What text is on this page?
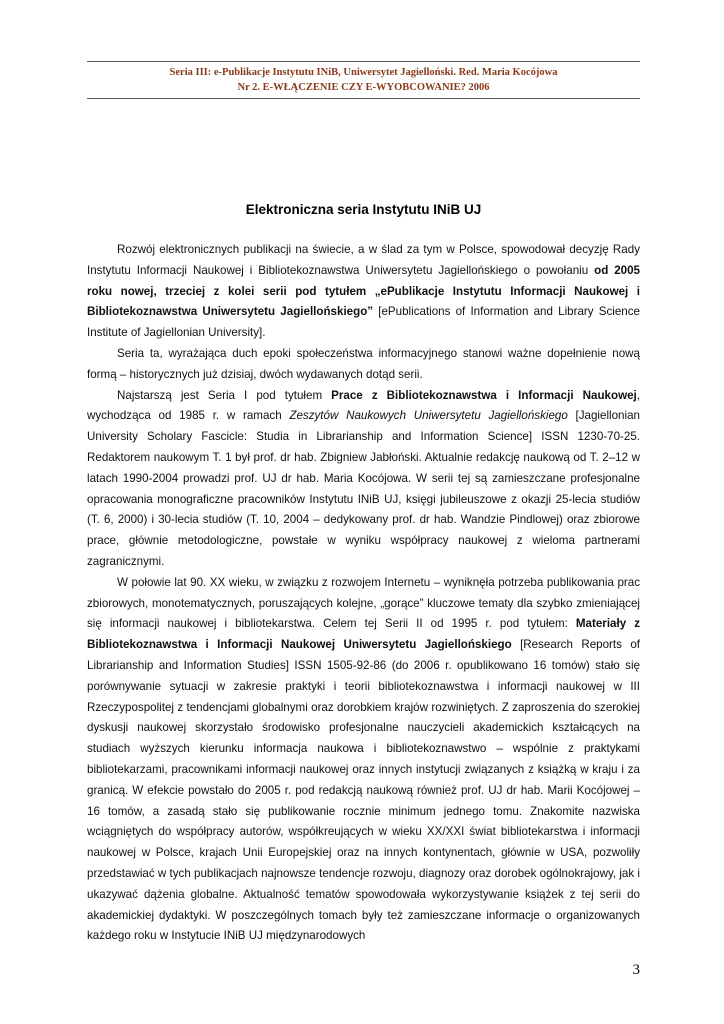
Seria III: e-Publikacje Instytutu INiB, Uniwersytet Jagielloński. Red. Maria Kocójowa
Nr 2. E-WŁĄCZENIE CZY E-WYOBCOWANIE? 2006
Elektroniczna seria Instytutu INiB UJ

Rozwój elektronicznych publikacji na świecie, a w ślad za tym w Polsce, spowodował decyzję Rady Instytutu Informacji Naukowej i Bibliotekoznawstwa Uniwersytetu Jagiellońskiego o powołaniu od 2005 roku nowej, trzeciej z kolei serii pod tytułem „ePublikacje Instytutu Informacji Naukowej i Bibliotekoznawstwa Uniwersytetu Jagiellońskiego” [ePublications of Information and Library Science Institute of Jagiellonian University].

Seria ta, wyrażająca duch epoki społeczeństwa informacyjnego stanowi ważne dopełnienie nową formą – historycznych już dzisiaj, dwóch wydawanych dotąd serii.

Najstarszą jest Seria I pod tytułem Prace z Bibliotekoznawstwa i Informacji Naukowej, wychodząca od 1985 r. w ramach Zeszytów Naukowych Uniwersytetu Jagiellońskiego [Jagiellonian University Scholary Fascicle: Studia in Librarianship and Information Science] ISSN 1230-70-25. Redaktorem naukowym T. 1 był prof. dr hab. Zbigniew Jabłoński. Aktualnie redakcję naukową od T. 2–12 w latach 1990-2004 prowadzi prof. UJ dr hab. Maria Kocójowa. W serii tej są zamieszczane profesjonalne opracowania monograficzne pracowników Instytutu INiB UJ, księgi jubileuszowe z okazji 25-lecia studiów (T. 6, 2000) i 30-lecia studiów (T. 10, 2004 – dedykowany prof. dr hab. Wandzie Pindlowej) oraz zbiorowe prace, głównie metodologiczne, powstałe w wyniku współpracy naukowej z wieloma partnerami zagranicznymi.

W połowie lat 90. XX wieku, w związku z rozwojem Internetu – wyniknęła potrzeba publikowania prac zbiorowych, monotematycznych, poruszających kolejne, „gorące” kluczowe tematy dla szybko zmieniającej się informacji naukowej i bibliotekarstwa. Celem tej Serii II od 1995 r. pod tytułem: Materiały z Bibliotekoznawstwa i Informacji Naukowej Uniwersytetu Jagiellońskiego [Research Reports of Librarianship and Information Studies] ISSN 1505-92-86 (do 2006 r. opublikowano 16 tomów) stało się porównywanie sytuacji w zakresie praktyki i teorii bibliotekoznawstwa i informacji naukowej w III Rzeczypospolitej z tendencjami globalnymi oraz dorobkiem krajów rozwiniętych. Z zaproszenia do szerokiej dyskusji naukowej skorzystało środowisko profesjonalne nauczycieli akademickich kształcących na studiach wyższych kierunku informacja naukowa i bibliotekoznawstwo – wspólnie z praktykami bibliotekarzami, pracownikami informacji naukowej oraz innych instytucji związanych z książką w kraju i za granicą. W efekcie powstało do 2005 r. pod redakcją naukową również prof. UJ dr hab. Marii Kocójowej – 16 tomów, a zasadą stało się publikowanie rocznie minimum jednego tomu. Znakomite nazwiska wciągniętych do współpracy autorów, współkreujących w wieku XX/XXI świat bibliotekarstwa i informacji naukowej w Polsce, krajach Unii Europejskiej oraz na innych kontynentach, głównie w USA, pozwoliły przedstawiać w tych publikacjach najnowsze tendencje rozwoju, diagnozy oraz dorobek ogólnokrajowy, jak i ukazywać dążenia globalne. Aktualność tematów spowodowała wykorzystywanie książek z tej serii do akademickiej dydaktyki. W poszczególnych tomach były też zamieszczane informacje o organizowanych każdego roku w Instytucie INiB UJ międzynarodowych

3
